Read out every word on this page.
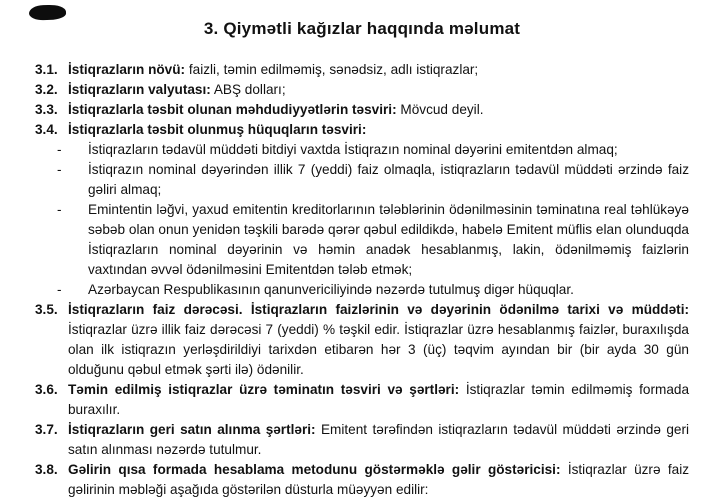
3. Qiymətli kağızlar haqqında məlumat
3.1. İstiqrazların növü: faizli, təmin edilməmiş, sənədsiz, adlı istiqrazlar;
3.2. İstiqrazların valyutası: ABŞ dolları;
3.3. İstiqrazlarla təsbit olunan məhdudiyyətlərin təsviri: Mövcud deyil.
3.4. İstiqrazlarla təsbit olunmuş hüquqların təsviri:
-	İstiqrazların tədavül müddəti bitdiyi vaxtda İstiqrazın nominal dəyərini emitentdən almaq;
-	İstiqrazın nominal dəyərindən illik 7 (yeddi) faiz olmaqla, istiqrazların tədavül müddəti ərzində faiz gəliri almaq;
-	Emintentin ləğvi, yaxud emitentin kreditorlarının tələblərinin ödənilməsinin təminatına real təhlükəyə səbəb olan onun yenidən təşkili barədə qərər qəbul edildikdə, habelə Emitent müflis elan olunduqda İstiqrazların nominal dəyərinin və həmin anadək hesablanmış, lakin, ödənilməmiş faizlərin vaxtından əvvəl ödənilməsini Emitentdən tələb etmək;
-	Azərbaycan Respublikasının qanunvericiliyində nəzərdə tutulmuş digər hüquqlar.
3.5. İstiqrazların faiz dərəcəsi. İstiqrazların faizlərinin və dəyərinin ödənilmə tarixi və müddəti: İstiqrazlar üzrə illik faiz dərəcəsi 7 (yeddi) % təşkil edir. İstiqrazlar üzrə hesablanmış faizlər, buraxılışda olan ilk istiqrazın yerləşdirildiyi tarixdən etibarən hər 3 (üç) təqvim ayından bir (bir ayda 30 gün olduğunu qəbul etmək şərti ilə) ödənilir.
3.6. Təmin edilmiş istiqrazlar üzrə təminatın təsviri və şərtləri: İstiqrazlar təmin edilməmiş formada buraxılır.
3.7. İstiqrazların geri satın alınma şərtləri: Emitent tərəfindən istiqrazların tədavül müddəti ərzində geri satın alınması nəzərdə tutulmur.
3.8. Gəlirin qısa formada hesablama metodunu göstərməklə gəlir göstəricisi: İstiqrazlar üzrə faiz gəlirinin məbləği aşağıda göstərilən düsturla müəyyən edilir:
